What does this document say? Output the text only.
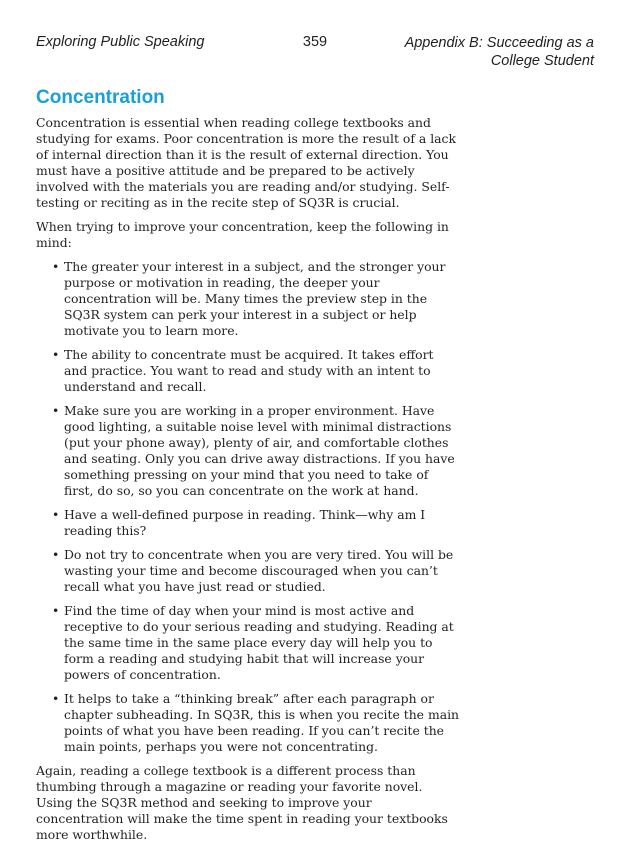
359
Exploring Public Speaking	Appendix B: Succeeding as a
College Student
Concentration

Concentration is essential when reading college textbooks and studying for exams. Poor concentration is more the result of a lack of internal direction than it is the result of external direction. You must have a positive attitude and be prepared to be actively involved with the materials you are reading and/or studying. Self-testing or reciting as in the recite step of SQ3R is crucial.

When trying to improve your concentration, keep the following in mind:

• The greater your interest in a subject, and the stronger your purpose or motivation in reading, the deeper your concentration will be. Many times the preview step in the SQ3R system can perk your interest in a subject or help motivate you to learn more.
• The ability to concentrate must be acquired. It takes effort and practice. You want to read and study with an intent to understand and recall.
• Make sure you are working in a proper environment. Have good lighting, a suitable noise level with minimal distractions (put your phone away), plenty of air, and comfortable clothes and seating. Only you can drive away distractions. If you have something pressing on your mind that you need to take of first, do so, so you can concentrate on the work at hand.
• Have a well-defined purpose in reading. Think—why am I reading this?
• Do not try to concentrate when you are very tired. You will be wasting your time and become discouraged when you can’t recall what you have just read or studied.
• Find the time of day when your mind is most active and receptive to do your serious reading and studying. Reading at the same time in the same place every day will help you to form a reading and studying habit that will increase your powers of concentration.
• It helps to take a “thinking break” after each paragraph or chapter subheading. In SQ3R, this is when you recite the main points of what you have been reading. If you can’t recite the main points, perhaps you were not concentrating.

Again, reading a college textbook is a different process than thumbing through a magazine or reading your favorite novel. Using the SQ3R method and seeking to improve your concentration will make the time spent in reading your textbooks more worthwhile.
